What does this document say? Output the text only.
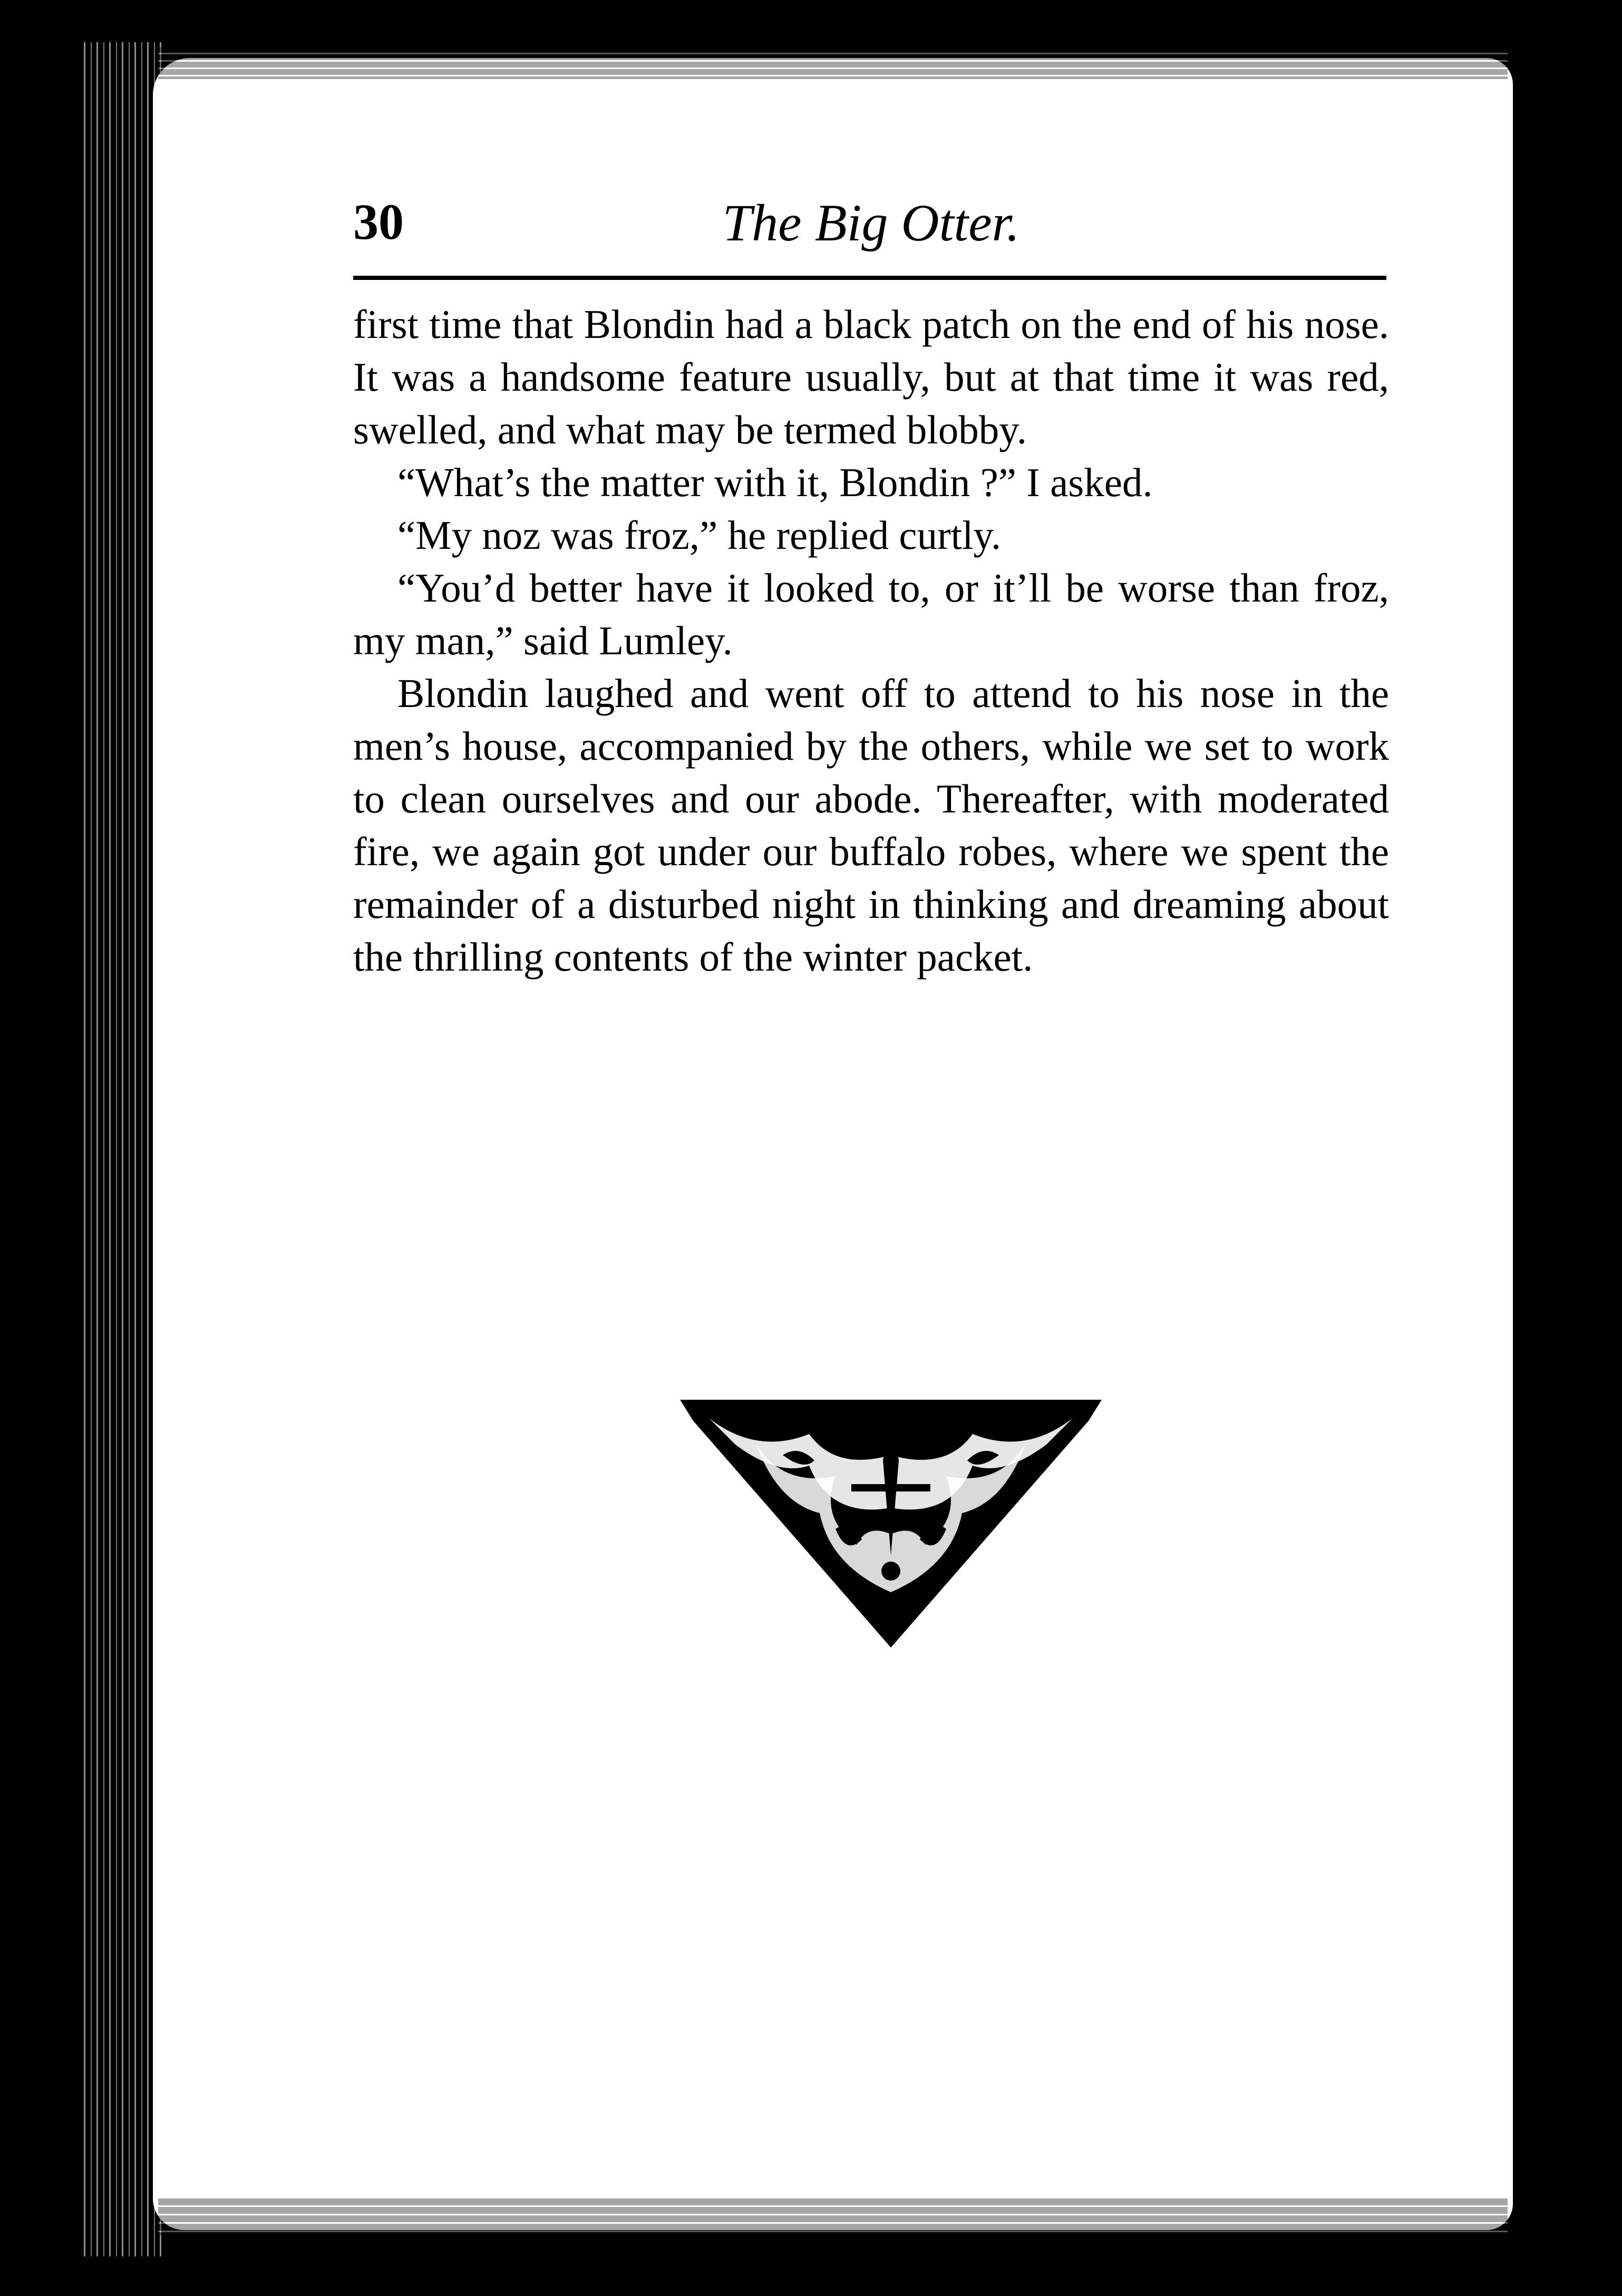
30	The Big Otter.

first time that Blondin had a black patch on the end of his nose. It was a handsome feature usually, but at that time it was red, swelled, and what may be termed blobby.

“What’s the matter with it, Blondin ?” I asked.

“My noz was froz,” he replied curtly.

“You’d better have it looked to, or it’ll be worse than froz, my man,” said Lumley.

Blondin laughed and went off to attend to his nose in the men’s house, accompanied by the others, while we set to work to clean ourselves and our abode. Thereafter, with moderated fire, we again got under our buffalo robes, where we spent the remainder of a disturbed night in thinking and dreaming about the thrilling contents of the winter packet.
